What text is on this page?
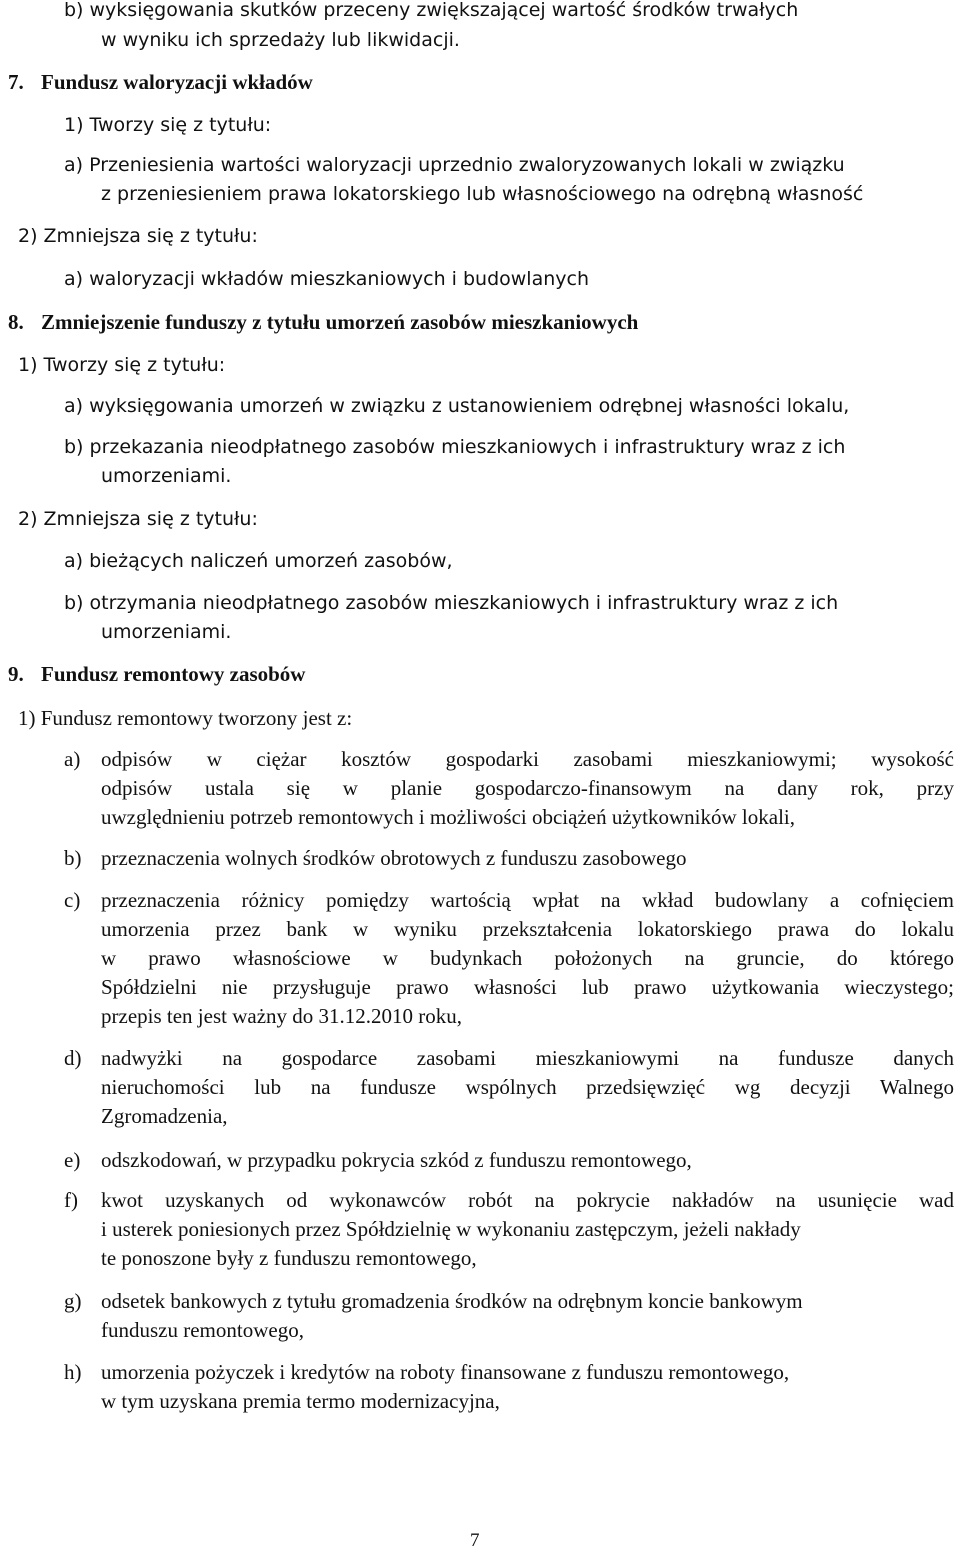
b) wyksięgowania skutków przeceny zwiększającej wartość środków trwałych
w wyniku ich sprzedaży lub likwidacji.
7. Fundusz waloryzacji wkładów
1) Tworzy się z tytułu:
a) Przeniesienia wartości waloryzacji uprzednio zwaloryzowanych lokali w związku
z przeniesieniem prawa lokatorskiego lub własnościowego na odrębną własność
2) Zmniejsza się z tytułu:
a) waloryzacji wkładów mieszkaniowych i budowlanych
8. Zmniejszenie funduszy z tytułu umorzeń zasobów mieszkaniowych
1) Tworzy się z tytułu:
a) wyksięgowania umorzeń w związku z ustanowieniem odrębnej własności lokalu,
b) przekazania nieodpłatnego zasobów mieszkaniowych i infrastruktury wraz z ich
umorzeniami.
2) Zmniejsza się z tytułu:
a) bieżących naliczeń umorzeń zasobów,
b) otrzymania nieodpłatnego zasobów mieszkaniowych i infrastruktury wraz z ich
umorzeniami.
9. Fundusz remontowy zasobów
1) Fundusz remontowy tworzony jest z:
a) odpisów w ciężar kosztów gospodarki zasobami mieszkaniowymi; wysokość
odpisów ustala się w planie gospodarczo-finansowym na dany rok, przy
uwzględnieniu potrzeb remontowych i możliwości obciążeń użytkowników lokali,
b) przeznaczenia wolnych środków obrotowych z funduszu zasobowego
c) przeznaczenia różnicy pomiędzy wartością wpłat na wkład budowlany a cofnięciem
umorzenia przez bank w wyniku przekształcenia lokatorskiego prawa do lokalu
w prawo własnościowe w budynkach położonych na gruncie, do którego
Spółdzielni nie przysługuje prawo własności lub prawo użytkowania wieczystego;
przepis ten jest ważny do 31.12.2010 roku,
d) nadwyżki na gospodarce zasobami mieszkaniowymi na fundusze danych
nieruchomości lub na fundusze wspólnych przedsięwzięć wg decyzji Walnego
Zgromadzenia,
e) odszkodowań, w przypadku pokrycia szkód z funduszu remontowego,
f) kwot uzyskanych od wykonawców robót na pokrycie nakładów na usunięcie wad
i usterek poniesionych przez Spółdzielnię w wykonaniu zastępczym, jeżeli nakłady
te ponoszone były z funduszu remontowego,
g) odsetek bankowych z tytułu gromadzenia środków na odrębnym koncie bankowym
funduszu remontowego,
h) umorzenia pożyczek i kredytów na roboty finansowane z funduszu remontowego,
w tym uzyskana premia termo modernizacyjna,
7
